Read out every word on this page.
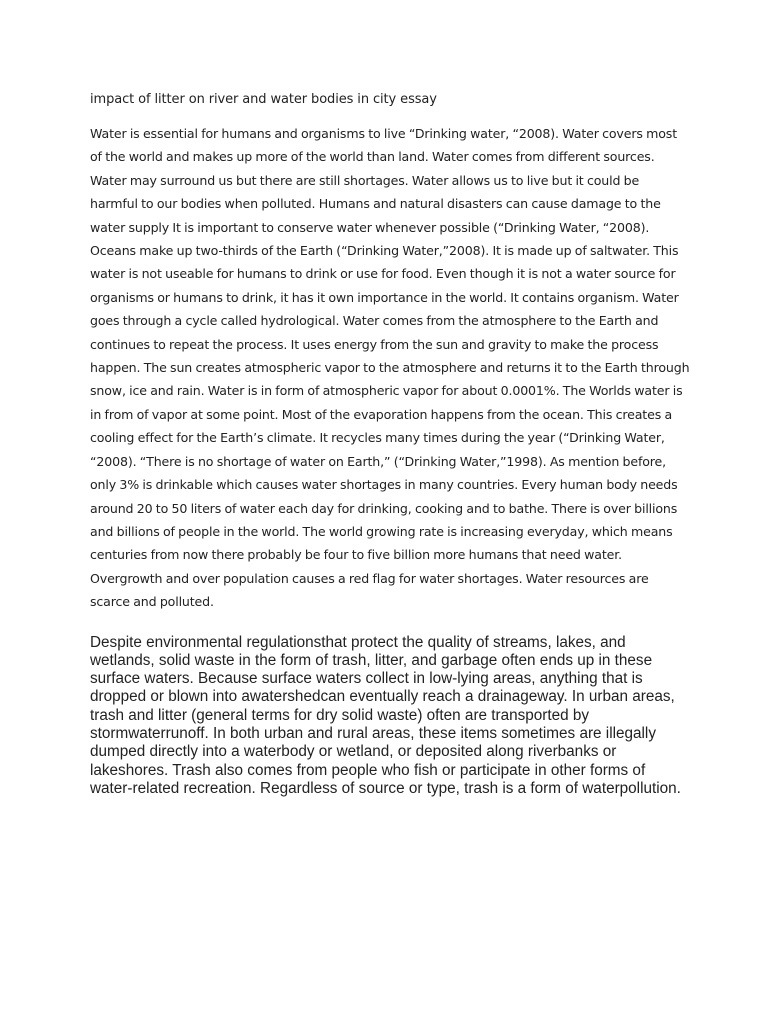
impact of litter on river and water bodies in city essay

Water is essential for humans and organisms to live “Drinking water, “2008). Water covers most of the world and makes up more of the world than land. Water comes from different sources. Water may surround us but there are still shortages. Water allows us to live but it could be harmful to our bodies when polluted. Humans and natural disasters can cause damage to the water supply It is important to conserve water whenever possible (“Drinking Water, “2008). Oceans make up two-thirds of the Earth (“Drinking Water,”2008). It is made up of saltwater. This water is not useable for humans to drink or use for food. Even though it is not a water source for organisms or humans to drink, it has it own importance in the world. It contains organism. Water goes through a cycle called hydrological. Water comes from the atmosphere to the Earth and continues to repeat the process. It uses energy from the sun and gravity to make the process happen. The sun creates atmospheric vapor to the atmosphere and returns it to the Earth through snow, ice and rain. Water is in form of atmospheric vapor for about 0.0001%. The Worlds water is in from of vapor at some point. Most of the evaporation happens from the ocean. This creates a cooling effect for the Earth’s climate. It recycles many times during the year (“Drinking Water, “2008). “There is no shortage of water on Earth,” (“Drinking Water,”1998). As mention before, only 3% is drinkable which causes water shortages in many countries. Every human body needs around 20 to 50 liters of water each day for drinking, cooking and to bathe. There is over billions and billions of people in the world. The world growing rate is increasing everyday, which means centuries from now there probably be four to five billion more humans that need water. Overgrowth and over population causes a red flag for water shortages. Water resources are scarce and polluted.

Despite environmental regulationsthat protect the quality of streams, lakes, and wetlands, solid waste in the form of trash, litter, and garbage often ends up in these surface waters. Because surface waters collect in low-lying areas, anything that is dropped or blown into awatershedcan eventually reach a drainageway. In urban areas, trash and litter (general terms for dry solid waste) often are transported by stormwaterrunoff. In both urban and rural areas, these items sometimes are illegally dumped directly into a waterbody or wetland, or deposited along riverbanks or lakeshores. Trash also comes from people who fish or participate in other forms of water-related recreation. Regardless of source or type, trash is a form of waterpollution.
